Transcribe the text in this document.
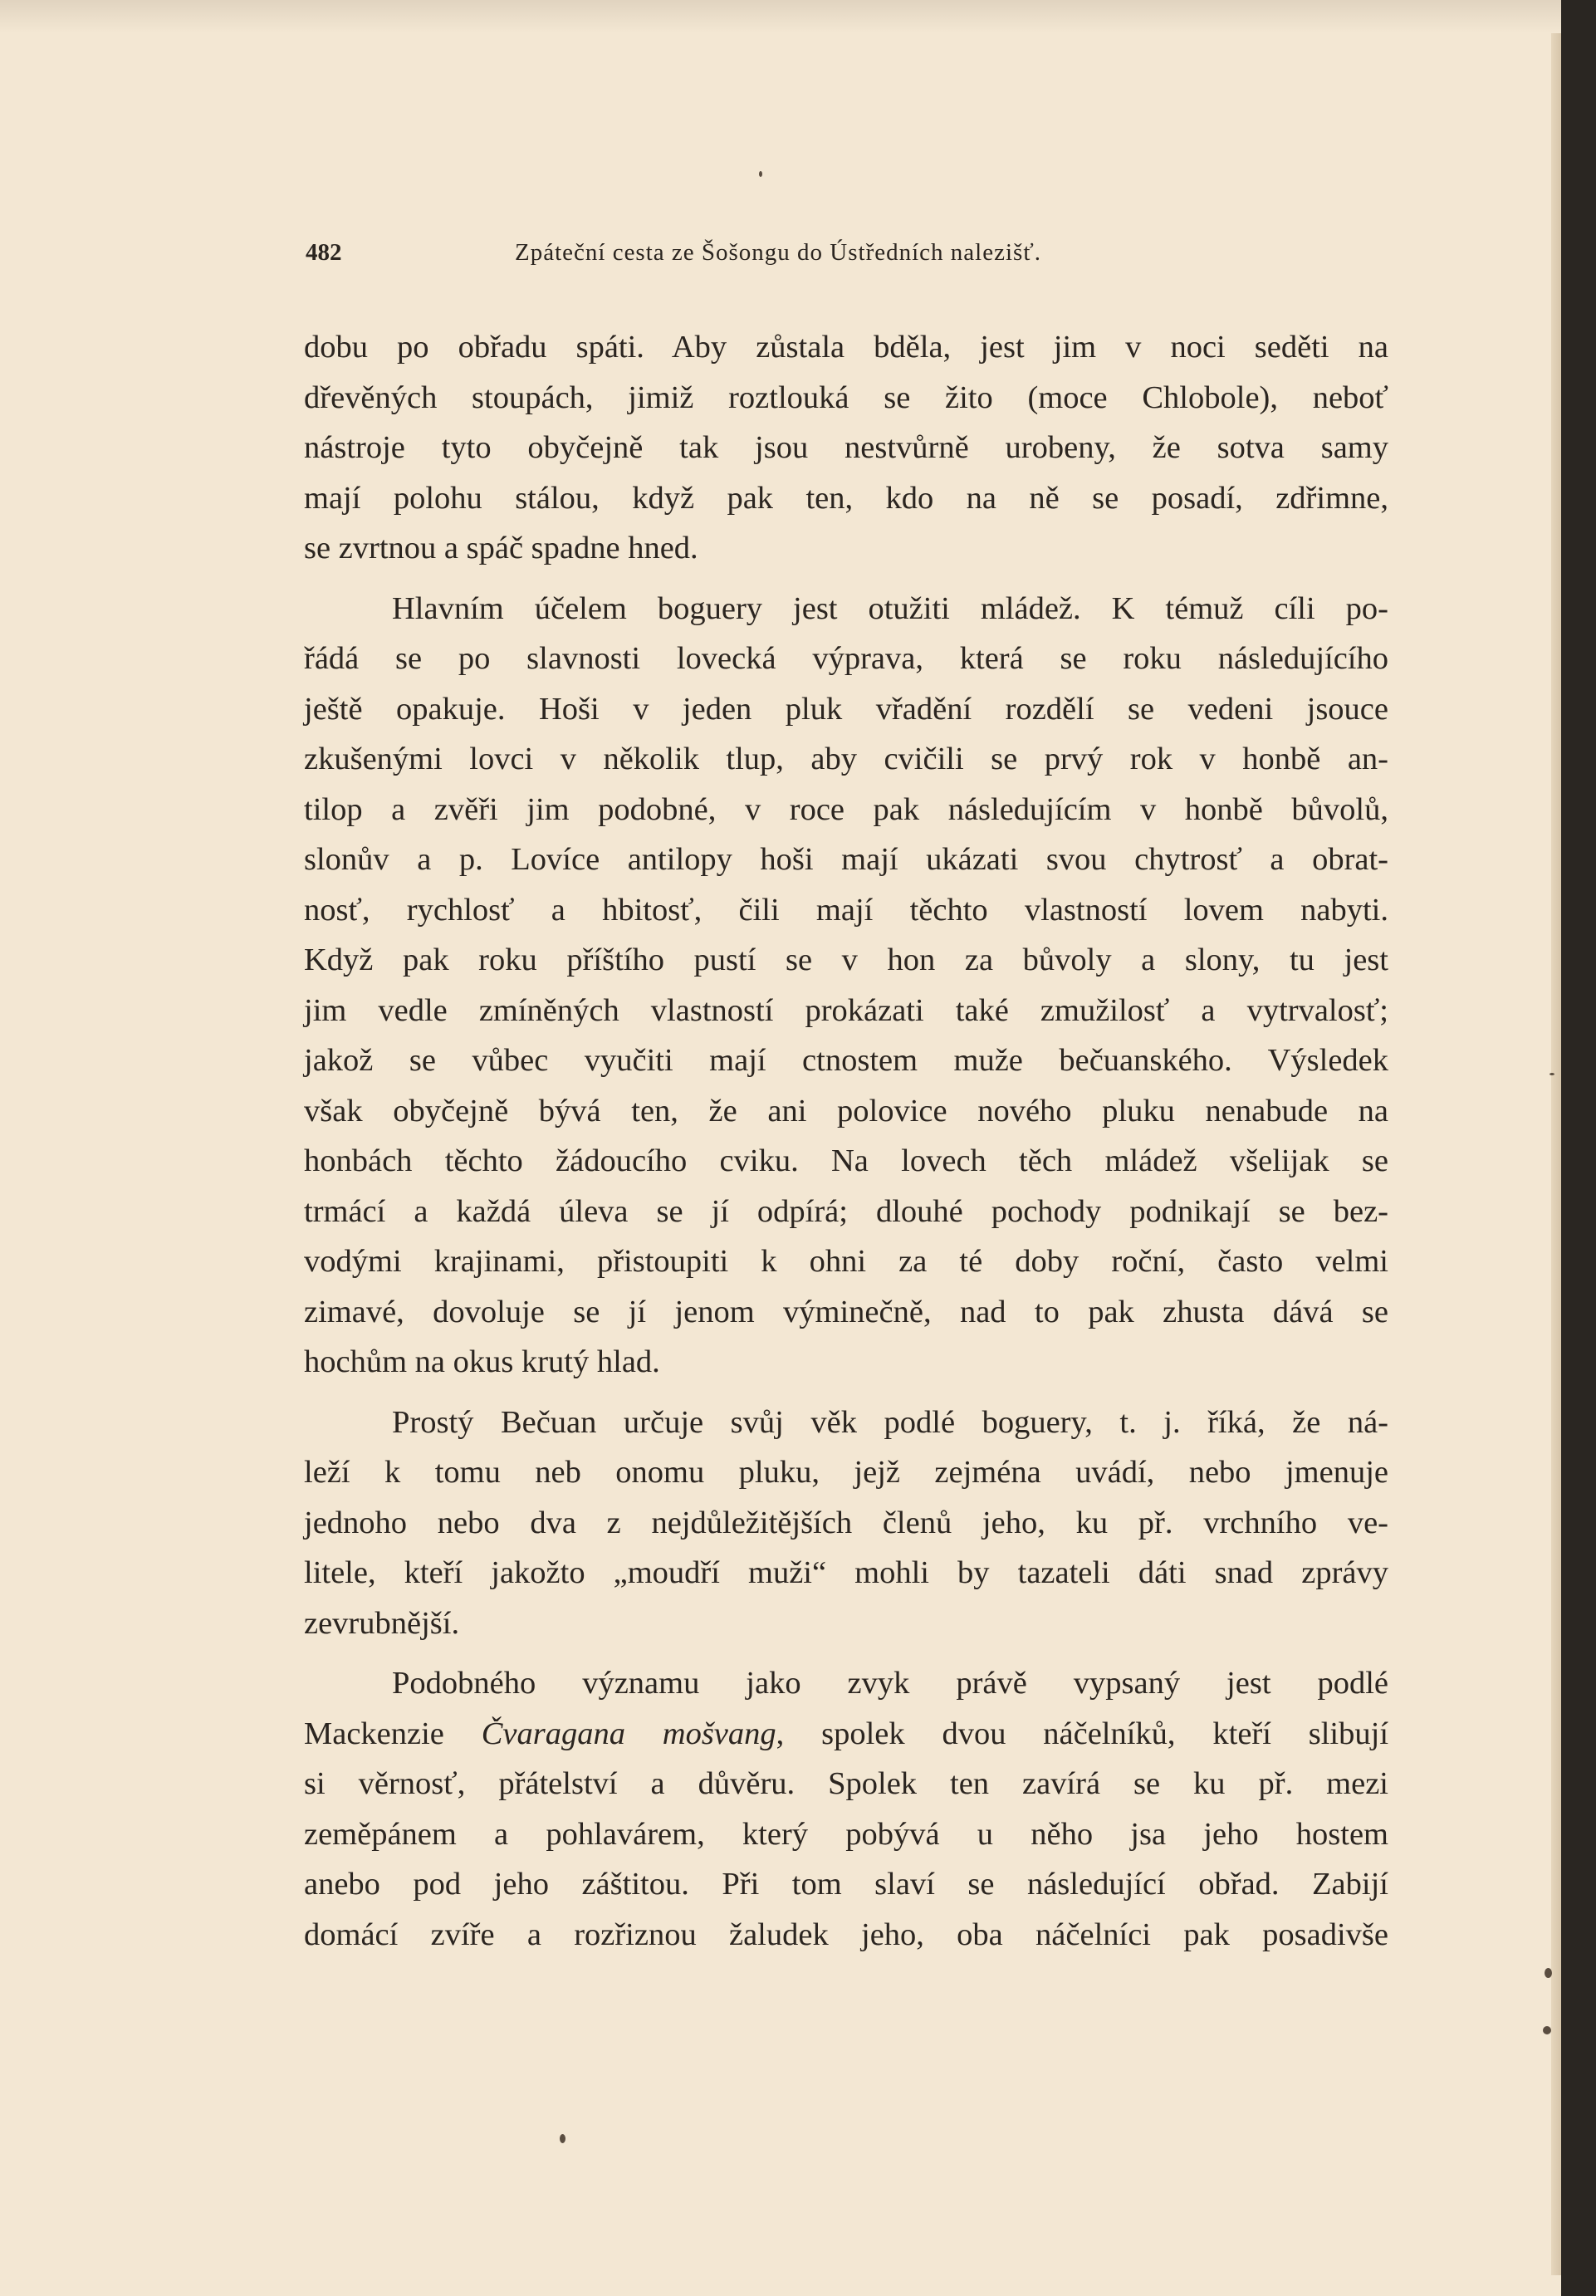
482	Zpáteční cesta ze Šošongu do Ústředních nalezišť.
dobu po obřadu spáti. Aby zůstala bděla, jest jim v noci seděti na
dřevěných stoupách, jimiž roztlouká se žito (moce Chlobole), neboť
nástroje tyto obyčejně tak jsou nestvůrně urobeny, že sotva samy
mají polohu stálou, když pak ten, kdo na ně se posadí, zdřimne,
se zvrtnou a spáč spadne hned.
Hlavním účelem boguery jest otužiti mládež. K témuž cíli po-
řádá se po slavnosti lovecká výprava, která se roku následujícího
ještě opakuje. Hoši v jeden pluk vřadění rozdělí se vedeni jsouce
zkušenými lovci v několik tlup, aby cvičili se prvý rok v honbě an-
tilop a zvěři jim podobné, v roce pak následujícím v honbě bůvolů,
slonův a p. Lovíce antilopy hoši mají ukázati svou chytrosť a obrat-
nosť, rychlosť a hbitosť, čili mají těchto vlastností lovem nabyti.
Když pak roku příštího pustí se v hon za bůvoly a slony, tu jest
jim vedle zmíněných vlastností prokázati také zmužilosť a vytrvalosť;
jakož se vůbec vyučiti mají ctnostem muže bečuanského. Výsledek
však obyčejně bývá ten, že ani polovice nového pluku nenabude na
honbách těchto žádoucího cviku. Na lovech těch mládež všelijak se
trmácí a každá úleva se jí odpírá; dlouhé pochody podnikají se bez-
vodými krajinami, přistoupiti k ohni za té doby roční, často velmi
zimavé, dovoluje se jí jenom výminečně, nad to pak zhusta dává se
hochům na okus krutý hlad.
Prostý Bečuan určuje svůj věk podlé boguery, t. j. říká, že ná-
leží k tomu neb onomu pluku, jejž zejména uvádí, nebo jmenuje
jednoho nebo dva z nejdůležitějších členů jeho, ku př. vrchního ve-
litele, kteří jakožto „moudří muži“ mohli by tazateli dáti snad zprávy
zevrubnější.
Podobného významu jako zvyk právě vypsaný jest podlé
Mackenzie Čvaragana mošvang, spolek dvou náčelníků, kteří slibují
si věrnosť, přátelství a důvěru. Spolek ten zavírá se ku př. mezi
zeměpánem a pohlavárem, který pobývá u něho jsa jeho hostem
anebo pod jeho záštitou. Při tom slaví se následující obřad. Zabijí
domácí zvíře a rozřiznou žaludek jeho, oba náčelníci pak posadivše
